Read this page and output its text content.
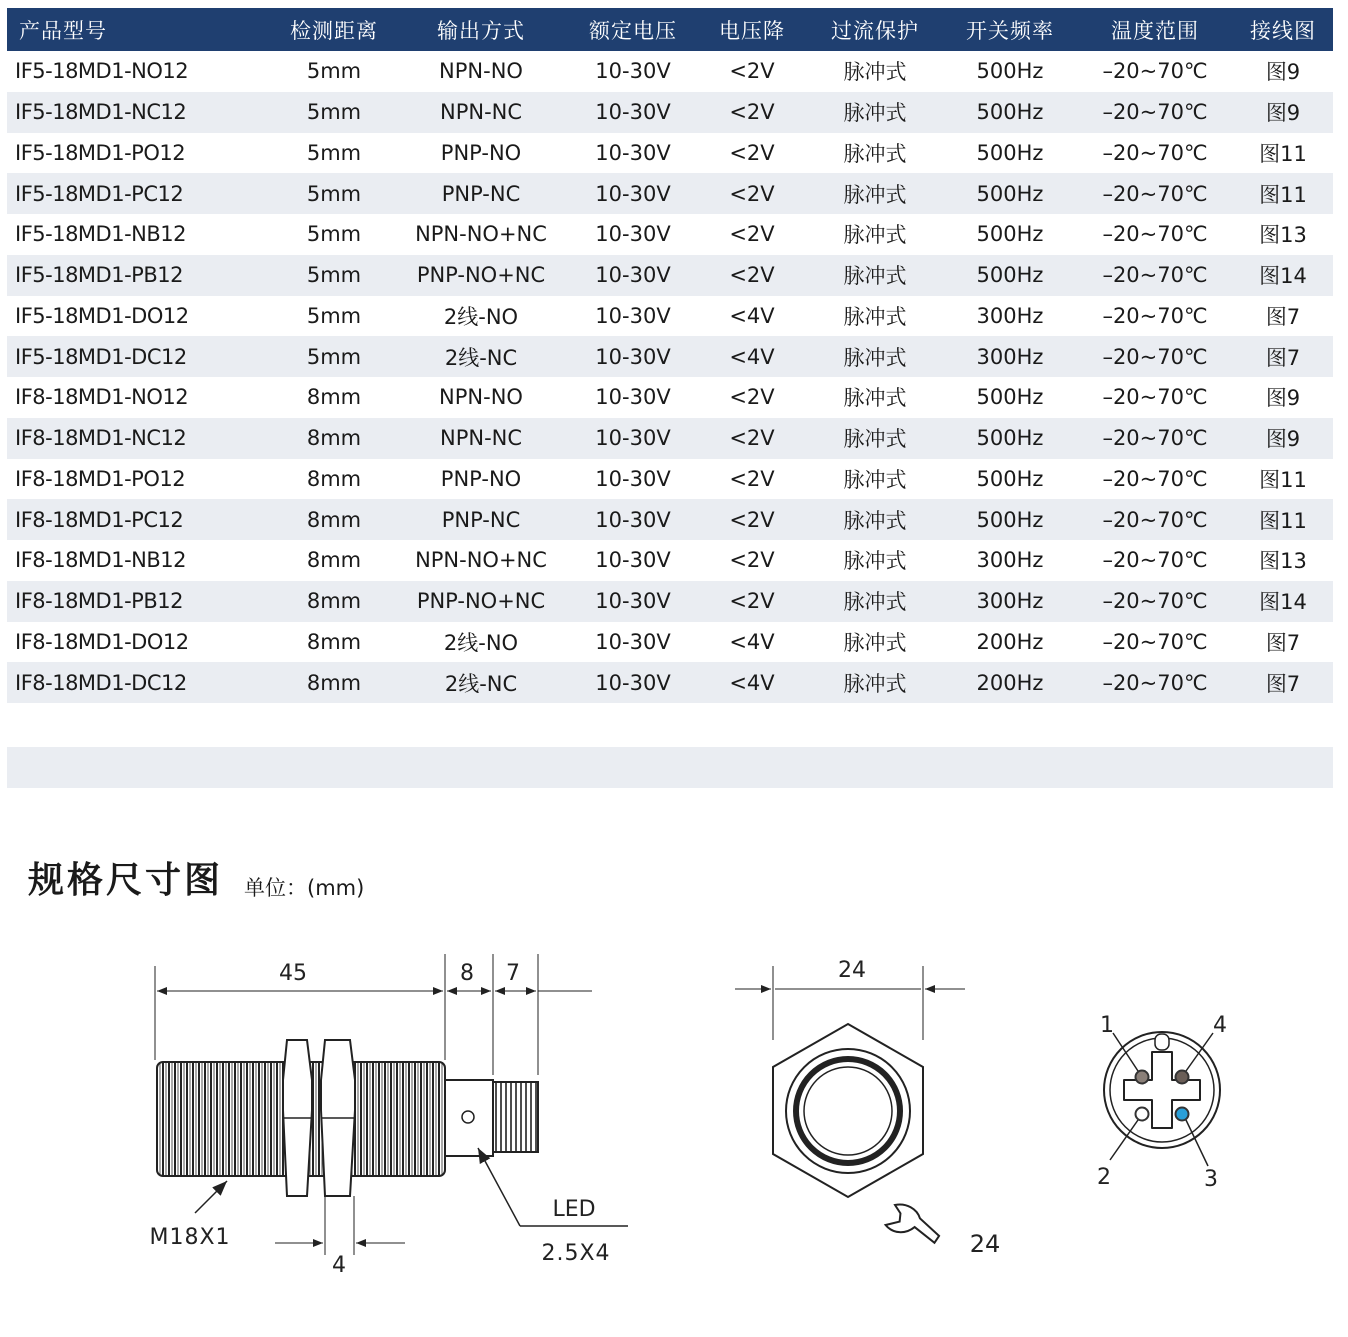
产品型号	检测距离	输出方式	额定电压	电压降	过流保护	开关频率	温度范围	接线图
IF5-18MD1-NO12	5mm	NPN-NO	10-30V	<2V	脉冲式	500Hz	–20~70℃	图9
IF5-18MD1-NC12	5mm	NPN-NC	10-30V	<2V	脉冲式	500Hz	–20~70℃	图9
IF5-18MD1-PO12	5mm	PNP-NO	10-30V	<2V	脉冲式	500Hz	–20~70℃	图11
IF5-18MD1-PC12	5mm	PNP-NC	10-30V	<2V	脉冲式	500Hz	–20~70℃	图11
IF5-18MD1-NB12	5mm	NPN-NO+NC	10-30V	<2V	脉冲式	500Hz	–20~70℃	图13
IF5-18MD1-PB12	5mm	PNP-NO+NC	10-30V	<2V	脉冲式	500Hz	–20~70℃	图14
IF5-18MD1-DO12	5mm	2线-NO	10-30V	<4V	脉冲式	300Hz	–20~70℃	图7
IF5-18MD1-DC12	5mm	2线-NC	10-30V	<4V	脉冲式	300Hz	–20~70℃	图7
IF8-18MD1-NO12	8mm	NPN-NO	10-30V	<2V	脉冲式	500Hz	–20~70℃	图9
IF8-18MD1-NC12	8mm	NPN-NC	10-30V	<2V	脉冲式	500Hz	–20~70℃	图9
IF8-18MD1-PO12	8mm	PNP-NO	10-30V	<2V	脉冲式	500Hz	–20~70℃	图11
IF8-18MD1-PC12	8mm	PNP-NC	10-30V	<2V	脉冲式	500Hz	–20~70℃	图11
IF8-18MD1-NB12	8mm	NPN-NO+NC	10-30V	<2V	脉冲式	300Hz	–20~70℃	图13
IF8-18MD1-PB12	8mm	PNP-NO+NC	10-30V	<2V	脉冲式	300Hz	–20~70℃	图14
IF8-18MD1-DO12	8mm	2线-NO	10-30V	<4V	脉冲式	200Hz	–20~70℃	图7
IF8-18MD1-DC12	8mm	2线-NC	10-30V	<4V	脉冲式	200Hz	–20~70℃	图7
规格尺寸图 单位：(mm)
45	8 7
4
M18X1
LED
2.5X4
24
24
1	4
2	3
